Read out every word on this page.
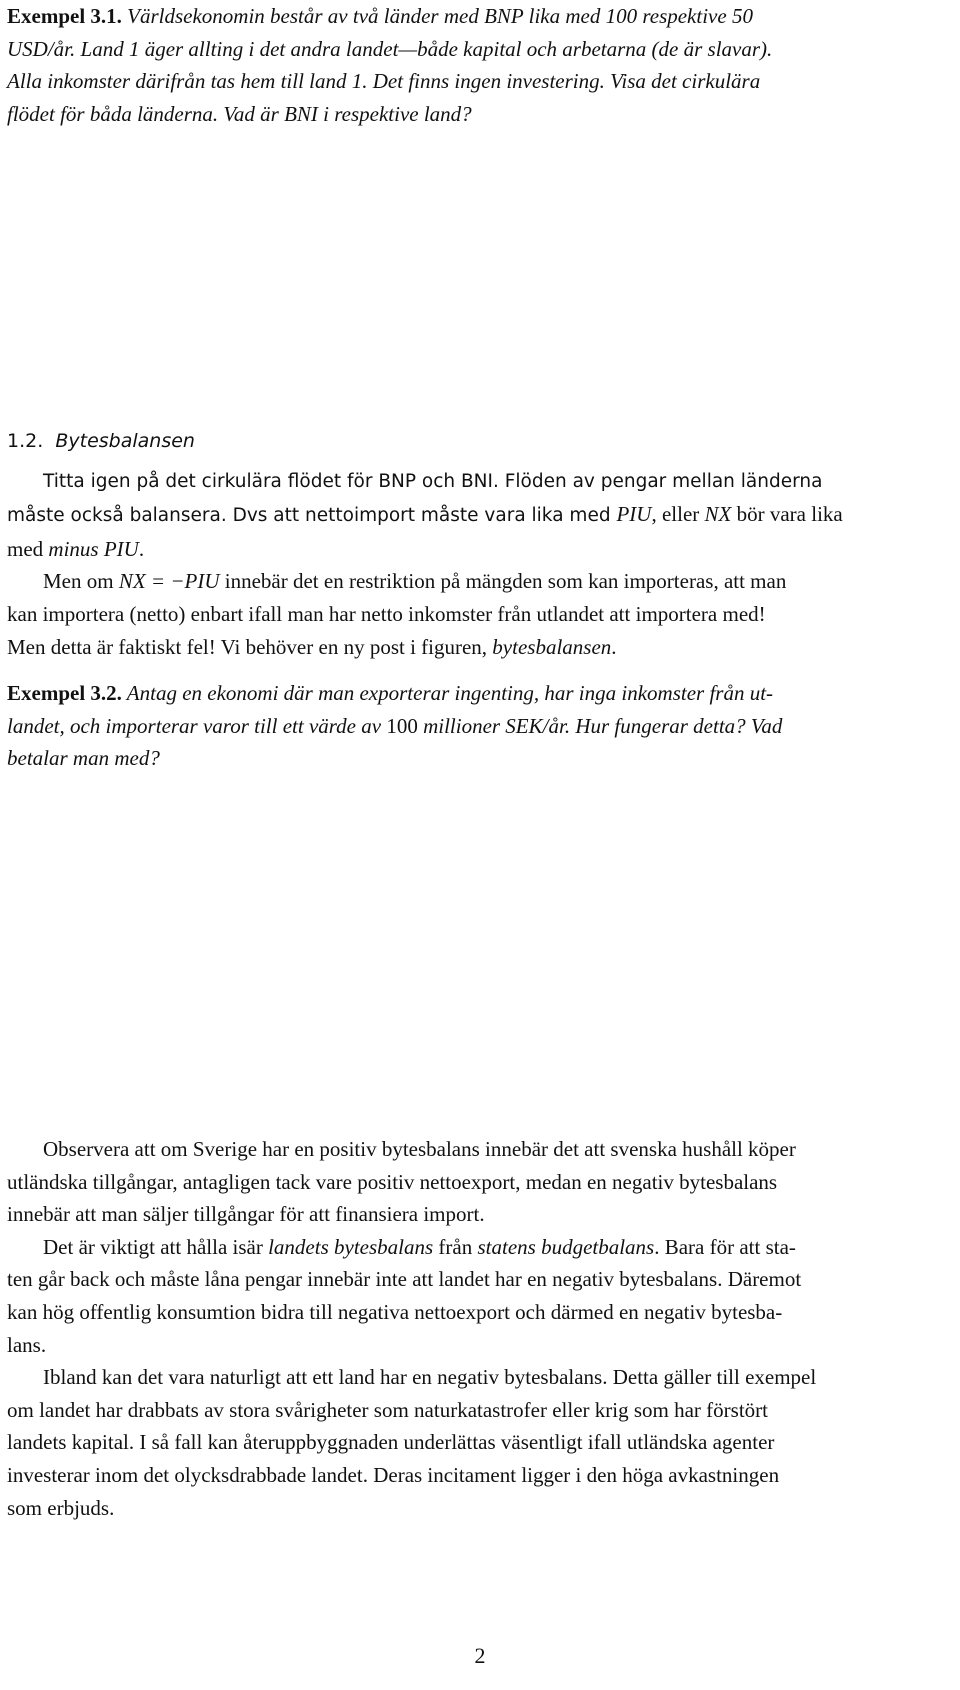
Exempel 3.1. Världsekonomin består av två länder med BNP lika med 100 respektive 50
USD/år. Land 1 äger allting i det andra landet—både kapital och arbetarna (de är slavar).
Alla inkomster därifrån tas hem till land 1. Det finns ingen investering. Visa det cirkulära
flödet för båda länderna. Vad är BNI i respektive land?
1.2. Bytesbalansen
Titta igen på det cirkulära flödet för BNP och BNI. Flöden av pengar mellan länderna
måste också balansera. Dvs att nettoimport måste vara lika med PIU, eller NX bör vara lika
med minus PIU.
Men om NX = −PIU innebär det en restriktion på mängden som kan importeras, att man
kan importera (netto) enbart ifall man har netto inkomster från utlandet att importera med!
Men detta är faktiskt fel! Vi behöver en ny post i figuren, bytesbalansen.
Exempel 3.2. Antag en ekonomi där man exporterar ingenting, har inga inkomster från ut-
landet, och importerar varor till ett värde av 100 millioner SEK/år. Hur fungerar detta? Vad
betalar man med?
Observera att om Sverige har en positiv bytesbalans innebär det att svenska hushåll köper
utländska tillgångar, antagligen tack vare positiv nettoexport, medan en negativ bytesbalans
innebär att man säljer tillgångar för att finansiera import.
Det är viktigt att hålla isär landets bytesbalans från statens budgetbalans. Bara för att sta-
ten går back och måste låna pengar innebär inte att landet har en negativ bytesbalans. Däremot
kan hög offentlig konsumtion bidra till negativa nettoexport och därmed en negativ bytesba-
lans.
Ibland kan det vara naturligt att ett land har en negativ bytesbalans. Detta gäller till exempel
om landet har drabbats av stora svårigheter som naturkatastrofer eller krig som har förstört
landets kapital. I så fall kan återuppbyggnaden underlättas väsentligt ifall utländska agenter
investerar inom det olycksdrabbade landet. Deras incitament ligger i den höga avkastningen
som erbjuds.
2
